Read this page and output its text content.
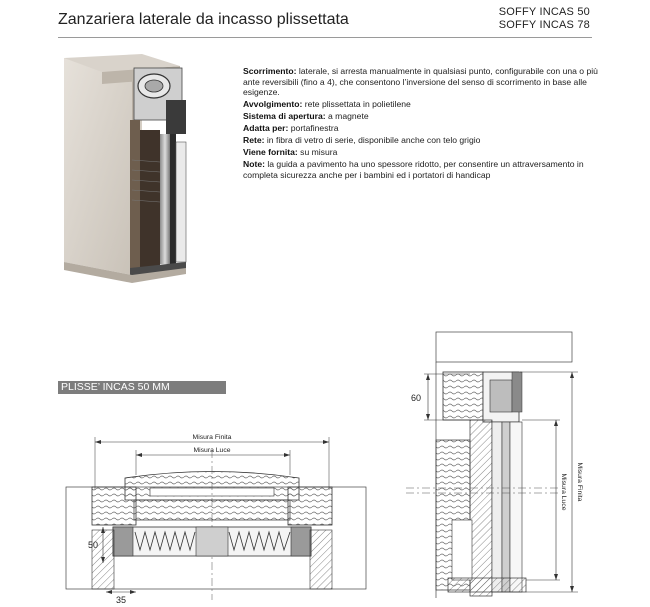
Zanzariera laterale da incasso plissettata	SOFFY INCAS 50
SOFFY INCAS 78

Scorrimento: laterale, si arresta manualmente in qualsiasi punto, configurabile con una o più ante reversibili (fino a 4), che consentono l’inversione del senso di scorrimento in base alle esigenze.

Avvolgimento: rete plissettata in polietilene

Sistema di apertura: a magnete

Adatta per: portafinestra

Rete: in fibra di vetro di serie, disponibile anche con telo grigio

Viene fornita: su misura

Note: la guida a pavimento ha uno spessore ridotto, per consentire un attraversamento in completa sicurezza anche per i bambini ed i portatori di handicap

PLISSE’ INCAS 50 MM
Misura Finita
Misura Luce
50
35
60
Misura Finita
Misura Luce
